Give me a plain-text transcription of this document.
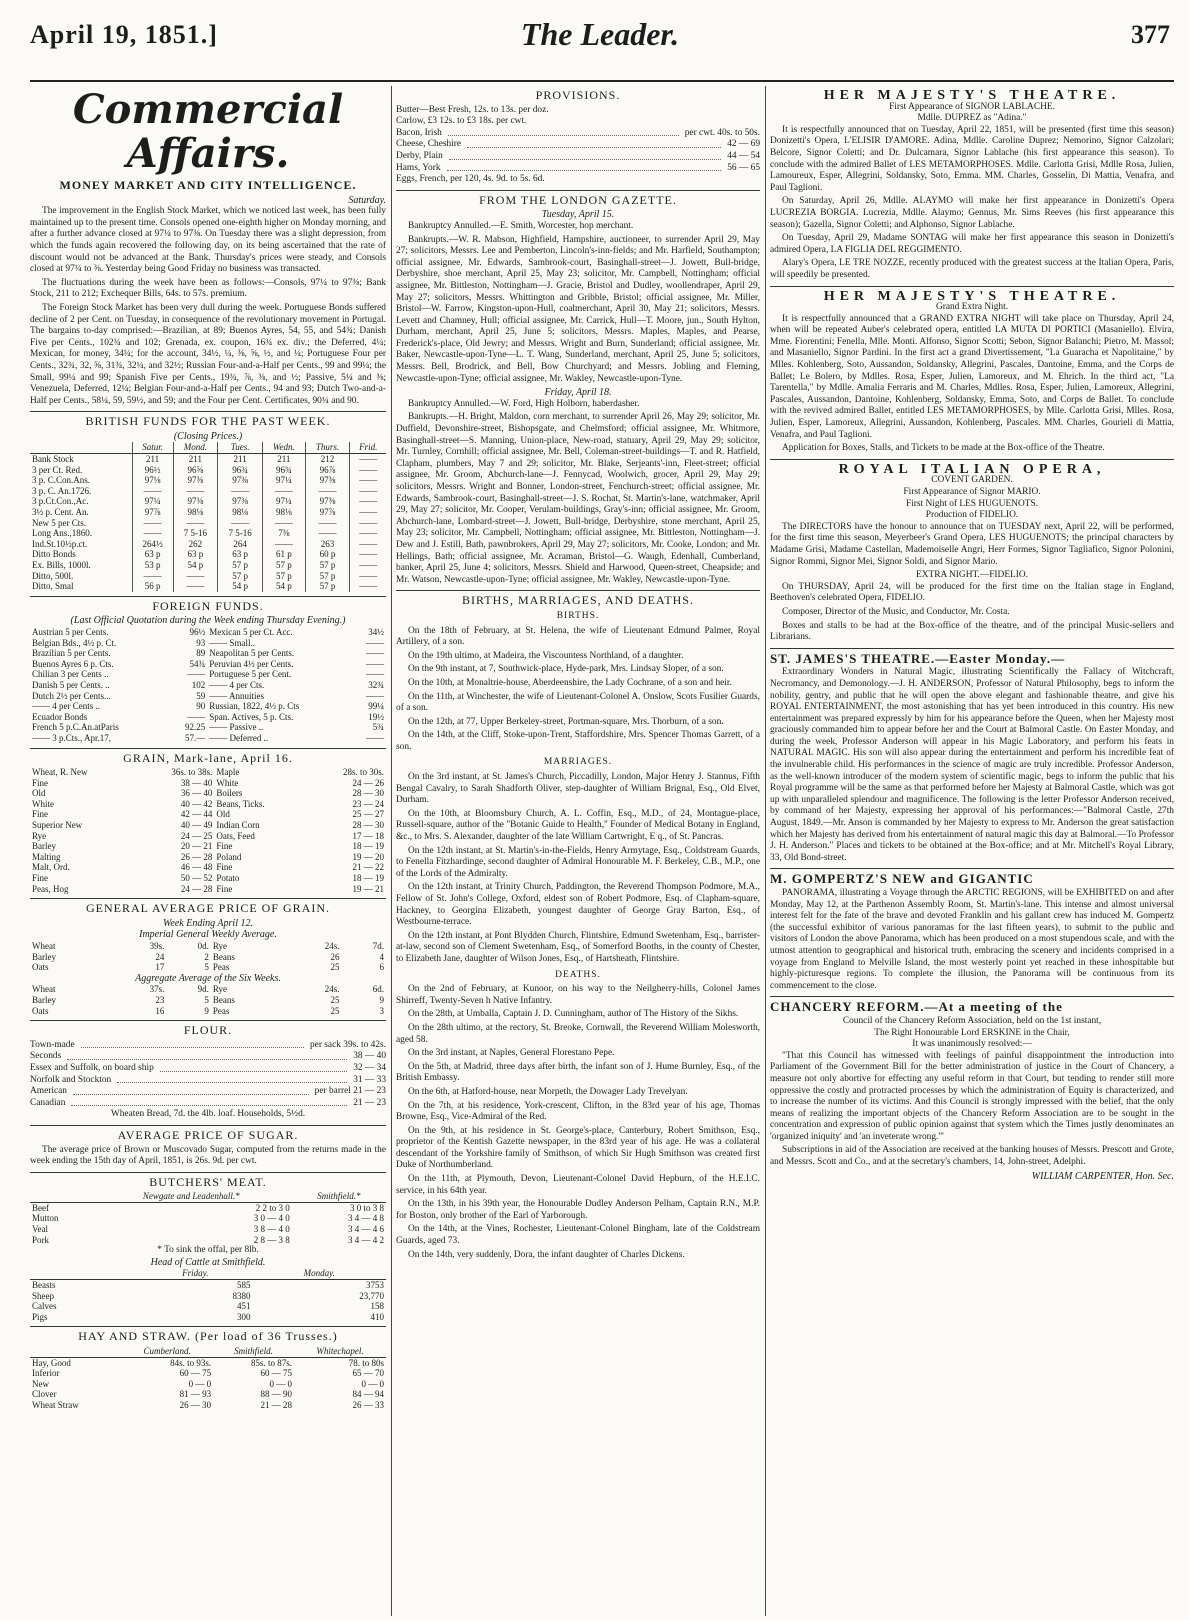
April 19, 1851.]	The Leader.	377
Commercial Affairs.
MONEY MARKET AND CITY INTELLIGENCE.
Saturday.

The improvement in the English Stock Market, which we noticed last week, has been fully maintained up to the present time. Consols opened one-eighth higher on Monday morning, and after a further advance closed at 97¼ to 97⅜. On Tuesday there was a slight depression, from which the funds again recovered the following day, on its being ascertained that the rate of discount would not be advanced at the Bank. Thursday's prices were steady, and Consols closed at 97¼ to ⅜. Yesterday being Good Friday no business was transacted.

The fluctuations during the week have been as follows:—Consols, 97¼ to 97⅜; Bank Stock, 211 to 212; Exchequer Bills, 64s. to 57s. premium.

The Foreign Stock Market has been very dull during the week. Portuguese Bonds suffered decline of 2 per Cent. on Tuesday, in consequence of the revolutionary movement in Portugal. The bargains to-day comprised:—Brazilian, at 89; Buenos Ayres, 54, 55, and 54¾; Danish Five per Cents., 102¾ and 102; Grenada, ex. coupon, 16¾ ex. div.; the Deferred, 4¼; Mexican, for money, 34¼; for the account, 34½, ¼, ⅜, ⅝, ½, and ¼; Portuguese Four per Cents., 32¾, 32, ⅝, 31¾, 32¼, and 32½; Russian Four-and-a-Half per Cents., 99 and 99¼; the Small, 99¼ and 99; Spanish Five per Cents., 19¾, ⅞, ⅜, and ½; Passive, 5¼ and ⅜; Venezuela, Deferred, 12¼; Belgian Four-and-a-Half per Cents., 94 and 93; Dutch Two-and-a-Half per Cents., 58¼, 59, 59½, and 59; and the Four per Cent. Certificates, 90¼ and 90.

BRITISH FUNDS FOR THE PAST WEEK.
(Closing Prices.)
	Satur.	Mond.	Tues.	Wedn.	Thurs.	Frid.
Bank Stock	211	211	211	211	212	——
3 per Ct. Red.	96½	96⅝	96¾	96¾	96⅞	——
3 p. C.Con.Ans.	97⅛	97⅜	97⅜	97¼	97⅜	——
3 p. C. An.1726.	——	——	——	——	——	——
3 p.Ct.Con.,Ac.	97¼	97⅜	97⅜	97¼	97⅜	——
3½ p. Cent. An.	97⅞	98⅛	98⅛	98⅛	97⅞	——
New 5 per Cts.	——	——	——	——	——	——
Long Ans.,1860.	——	7 5-16	7 5-16	7⅜	——	——
Ind.St.10½p.ct.	264½	262	264	——	263	——
Ditto Bonds	63 p	63 p	63 p	61 p	60 p	——
Ex. Bills, 1000l.	53 p	54 p	57 p	57 p	57 p	——
Ditto, 500l.	——	——	57 p	57 p	57 p	——
Ditto, Smal	56 p	——	54 p	54 p	57 p	——
FOREIGN FUNDS.
(Last Official Quotation during the Week ending Thursday Evening.)
Austrian 5 per Cents.	96½	Mexican 5 per Ct. Acc.	34½
Belgian Bds., 4½ p. Ct.	93	—— Small..	——
Brazilian 5 per Cents.	89	Neapolitan 5 per Cents.	——
Buenos Ayres 6 p. Cts.	54¾	Peruvian 4½ per Cents.	——
Chilian 3 per Cents ..	——	Portuguese 5 per Cent.	——
Danish 5 per Cents. ..	102	—— 4 per Cts.	32¾
Dutch 2½ per Cents...	59	—— Annuities	——
—— 4 per Cents ..	90	Russian, 1822, 4½ p. Cts	99¼
Ecuador Bonds	——	Span. Actives, 5 p. Cts.	19½
French 5 p.C.An.atParis	92.25	—— Passive ..	5¾
—— 3 p.Cts., Apr.17,	57.—	—— Deferred ..	——
GRAIN, Mark-lane, April 16.
Wheat, R. New	36s. to 38s.	Maple	28s. to 30s.
Fine	38 — 40	White	24 — 26
Old	36 — 40	Boilers	28 — 30
White	40 — 42	Beans, Ticks.	23 — 24
Fine	42 — 44	Old	25 — 27
Superior New	40 — 49	Indian Corn	28 — 30
Rye	24 — 25	Oats, Feed	17 — 18
Barley	20 — 21	Fine	18 — 19
Malting	26 — 28	Poland	19 — 20
Malt, Ord.	46 — 48	Fine	21 — 22
Fine	50 — 52	Potato	18 — 19
Peas, Hog	24 — 28	Fine	19 — 21
GENERAL AVERAGE PRICE OF GRAIN.
Week Ending April 12.
Imperial General Weekly Average.
Wheat	39s.	0d.	Rye	24s.	7d.
Barley	24	2	Beans	26	4
Oats	17	5	Peas	25	6
Aggregate Average of the Six Weeks.
Wheat	37s.	9d.	Rye	24s.	6d.
Barley	23	5	Beans	25	9
Oats	16	9	Peas	25	3
FLOUR.
Town-made	per sack 39s. to 42s.
Seconds	38 — 40
Essex and Suffolk, on board ship	32 — 34
Norfolk and Stockton	31 — 33
American	per barrel 21 — 23
Canadian	21 — 23
Wheaten Bread, 7d. the 4lb. loaf. Households, 5½d.
AVERAGE PRICE OF SUGAR.

The average price of Brown or Muscovado Sugar, computed from the returns made in the week ending the 15th day of April, 1851, is 26s. 9d. per cwt.

BUTCHERS' MEAT.
	Newgate and Leadenhall.*	Smithfield.*
Beef	2 2 to 3 0	3 0 to 3 8
Mutton	3 0 — 4 0	3 4 — 4 8
Veal	3 8 — 4 0	3 4 — 4 6
Pork	2 8 — 3 8	3 4 — 4 2
* To sink the offal, per 8lb.
Head of Cattle at Smithfield.
	Friday.	Monday.
Beasts	585	3753
Sheep	8380	23,770
Calves	451	158
Pigs	300	410
HAY AND STRAW. (Per load of 36 Trusses.)
	Cumberland.	Smithfield.	Whitechapel.
Hay, Good	84s. to 93s.	85s. to 87s.	78. to 80s
Inferior	60 — 75	60 — 75	65 — 70
New	0 — 0	0 — 0	0 — 0
Clover	81 — 93	88 — 90	84 — 94
Wheat Straw	26 — 30	21 — 28	26 — 33
PROVISIONS.
Butter—Best Fresh, 12s. to 13s. per doz.
Carlow, £3 12s. to £3 18s. per cwt.
Bacon, Irish	per cwt. 40s. to 50s.
Cheese, Cheshire	42 — 69
Derby, Plain	44 — 54
Hams, York	56 — 65
Eggs, French, per 120, 4s. 9d. to 5s. 6d.
FROM THE LONDON GAZETTE.
Tuesday, April 15.

Bankruptcy Annulled.—E. Smith, Worcester, hop merchant.

Bankrupts.—W. R. Mabson, Highfield, Hampshire, auctioneer, to surrender April 29, May 27; solicitors, Messrs. Lee and Pemberton, Lincoln's-inn-fields; and Mr. Harfield, Southampton; official assignee, Mr. Edwards, Sambrook-court, Basinghall-street—J. Jowett, Bull-bridge, Derbyshire, shoe merchant, April 25, May 23; solicitor, Mr. Campbell, Nottingham; official assignee, Mr. Bittleston, Nottingham—J. Gracie, Bristol and Dudley, woollendraper, April 29, May 27; solicitors, Messrs. Whittington and Gribble, Bristol; official assignee, Mr. Miller, Bristol—W. Farrow, Kingston-upon-Hull, coalmerchant, April 30, May 21; solicitors, Messrs. Levett and Chamney, Hull; official assignee, Mr. Carrick, Hull—T. Moore, jun., South Hylton, Durham, merchant, April 25, June 5; solicitors, Messrs. Maples, Maples, and Pearse, Frederick's-place, Old Jewry; and Messrs. Wright and Burn, Sunderland; official assignee, Mr. Baker, Newcastle-upon-Tyne—L. T. Wang, Sunderland, merchant, April 25, June 5; solicitors, Messrs. Bell, Brodrick, and Bell, Bow Churchyard; and Messrs. Jobling and Fleming, Newcastle-upon-Tyne; official assignee, Mr. Wakley, Newcastle-upon-Tyne.

Friday, April 18.

Bankruptcy Annulled.—W. Ford, High Holborn, haberdasher.

Bankrupts.—H. Bright, Maldon, corn merchant, to surrender April 26, May 29; solicitor, Mr. Duffield, Devonshire-street, Bishopsgate, and Chelmsford; official assignee, Mr. Whitmore, Basinghall-street—S. Manning, Union-place, New-road, statuary, April 29, May 29; solicitor, Mr. Turnley, Cornhill; official assignee, Mr. Bell, Coleman-street-buildings—T. and R. Hatfield, Clapham, plumbers, May 7 and 29; solicitor, Mr. Blake, Serjeants'-inn, Fleet-street; official assignee, Mr. Groom, Abchurch-lane—J. Fennycad, Woolwich, grocer, April 29, May 29; solicitors, Messrs. Wright and Bonner, London-street, Fenchurch-street; official assignee, Mr. Edwards, Sambrook-court, Basinghall-street—J. S. Rochat, St. Martin's-lane, watchmaker, April 29, May 27; solicitor, Mr. Cooper, Verulam-buildings, Gray's-inn; official assignee, Mr. Groom, Abchurch-lane, Lombard-street—J. Jowett, Bull-bridge, Derbyshire, stone merchant, April 25, May 23; solicitor, Mr. Campbell, Nottingham; official assignee, Mr. Bittleston, Nottingham—J. Dew and J. Estill, Bath, pawnbrokers, April 29, May 27; solicitors, Mr. Cooke, London; and Mr. Hellings, Bath; official assignee, Mr. Acraman, Bristol—G. Waugh, Edenhall, Cumberland, banker, April 25, June 4; solicitors, Messrs. Shield and Harwood, Queen-street, Cheapside; and Mr. Watson, Newcastle-upon-Tyne; official assignee, Mr. Wakley, Newcastle-upon-Tyne.

BIRTHS, MARRIAGES, AND DEATHS.
BIRTHS.

On the 18th of February, at St. Helena, the wife of Lieutenant Edmund Palmer, Royal Artillery, of a son.

On the 19th ultimo, at Madeira, the Viscountess Northland, of a daughter.

On the 9th instant, at 7, Southwick-place, Hyde-park, Mrs. Lindsay Sloper, of a son.

On the 10th, at Monaltrie-house, Aberdeenshire, the Lady Cochrane, of a son and heir.

On the 11th, at Winchester, the wife of Lieutenant-Colonel A. Onslow, Scots Fusilier Guards, of a son.

On the 12th, at 77, Upper Berkeley-street, Portman-square, Mrs. Thorburn, of a son.

On the 14th, at the Cliff, Stoke-upon-Trent, Staffordshire, Mrs. Spencer Thomas Garrett, of a son.

MARRIAGES.

On the 3rd instant, at St. James's Church, Piccadilly, London, Major Henry J. Stannus, Fifth Bengal Cavalry, to Sarah Shadforth Oliver, step-daughter of William Brignal, Esq., Old Elvet, Durham.

On the 10th, at Bloomsbury Church, A. L. Coffin, Esq., M.D., of 24, Montague-place, Russell-square, author of the "Botanic Guide to Health," Founder of Medical Botany in England, &c., to Mrs. S. Alexander, daughter of the late William Cartwright, E q., of St. Pancras.

On the 12th instant, at St. Martin's-in-the-Fields, Henry Armytage, Esq., Coldstream Guards, to Fenella Fitzhardinge, second daughter of Admiral Honourable M. F. Berkeley, C.B., M.P., one of the Lords of the Admiralty.

On the 12th instant, at Trinity Church, Paddington, the Reverend Thompson Podmore, M.A., Fellow of St. John's College, Oxford, eldest son of Robert Podmore, Esq. of Clapham-square, Hackney, to Georgina Elizabeth, youngest daughter of George Gray Barton, Esq., of Westbourne-terrace.

On the 12th instant, at Pont Blydden Church, Flintshire, Edmund Swetenham, Esq., barrister-at-law, second son of Clement Swetenham, Esq., of Somerford Booths, in the county of Chester, to Elizabeth Jane, daughter of Wilson Jones, Esq., of Hartsheath, Flintshire.

DEATHS.

On the 2nd of February, at Kunoor, on his way to the Neilgherry-hills, Colonel James Shirreff, Twenty-Seven h Native Infantry.

On the 28th, at Umballa, Captain J. D. Cunningham, author of The History of the Sikhs.

On the 28th ultimo, at the rectory, St. Breoke, Cornwall, the Reverend William Molesworth, aged 58.

On the 3rd instant, at Naples, General Florestano Pepe.

On the 5th, at Madrid, three days after birth, the infant son of J. Hume Burnley, Esq., of the British Embassy.

On the 6th, at Hatford-house, near Morpeth, the Dowager Lady Trevelyan.

On the 7th, at his residence, York-crescent, Clifton, in the 83rd year of his age, Thomas Browne, Esq., Vice-Admiral of the Red.

On the 9th, at his residence in St. George's-place, Canterbury, Robert Smithson, Esq., proprietor of the Kentish Gazette newspaper, in the 83rd year of his age. He was a collateral descendant of the Yorkshire family of Smithson, of which Sir Hugh Smithson was created first Duke of Northumberland.

On the 11th, at Plymouth, Devon, Lieutenant-Colonel David Hepburn, of the H.E.I.C. service, in his 64th year.

On the 13th, in his 39th year, the Honourable Dudley Anderson Pelham, Captain R.N., M.P. for Boston, only brother of the Earl of Yarborough.

On the 14th, at the Vines, Rochester, Lieutenant-Colonel Bingham, late of the Coldstream Guards, aged 73.

On the 14th, very suddenly, Dora, the infant daughter of Charles Dickens.

HER MAJESTY'S THEATRE.
First Appearance of SIGNOR LABLACHE.
Mdlle. DUPREZ as "Adina."

It is respectfully announced that on Tuesday, April 22, 1851, will be presented (first time this season) Donizetti's Opera, L'ELISIR D'AMORE. Adina, Mdlle. Caroline Duprez; Nemorino, Signor Calzolari; Belcore, Signor Coletti; and Dr. Dulcamara, Signor Lablache (his first appearance this season). To conclude with the admired Ballet of LES METAMORPHOSES. Mdlle. Carlotta Grisi, Mdlle Rosa, Julien, Lamoureux, Esper, Allegrini, Soldansky, Soto, Emma. MM. Charles, Gosselin, Di Mattia, Venafra, and Paul Taglioni.

On Saturday, April 26, Mdlle. ALAYMO will make her first appearance in Donizetti's Opera LUCREZIA BORGIA. Lucrezia, Mdlle. Alaymo; Gennus, Mr. Sims Reeves (his first appearance this season); Gazella, Signor Coletti; and Alphonso, Signor Lablache.

On Tuesday, April 29, Madame SONTAG will make her first appearance this season in Donizetti's admired Opera, LA FIGLIA DEL REGGIMENTO.

Alary's Opera, LE TRE NOZZE, recently produced with the greatest success at the Italian Opera, Paris, will speedily be presented.

HER MAJESTY'S THEATRE.
Grand Extra Night.

It is respectfully announced that a GRAND EXTRA NIGHT will take place on Thursday, April 24, when will be repeated Auber's celebrated opera, entitled LA MUTA DI PORTICI (Masaniello). Elvira, Mme. Fiorentini; Fenella, Mlle. Monti. Alfonso, Signor Scotti; Sebon, Signor Balanchi; Pietro, M. Massol; and Masaniello, Signor Pardini. In the first act a grand Divertissement, "La Guaracha et Napolitaine," by Mlles. Kohlenberg, Soto, Aussandon, Soldansky, Allegrini, Pascales, Dantoine, Emma, and the Corps de Ballet; Le Bolero, by Mdlles. Rosa, Esper, Julien, Lamoreux, and M. Ehrich. In the third act, "La Tarentella," by Mdlle. Amalia Ferraris and M. Charles, Mdlles. Rosa, Esper, Julien, Lamoreux, Allegrini, Pascales, Aussandon, Dantoine, Kohlenberg, Soldansky, Emma, Soto, and Corps de Ballet. To conclude with the revived admired Ballet, entitled LES METAMORPHOSES, by Mlle. Carlotta Grisi, Mlles. Rosa, Julien, Esper, Lamoreux, Allegrini, Aussandon, Kohlenberg, Pascales. MM. Charles, Gourieli di Mattia, Venafra, and Paul Taglioni.

Application for Boxes, Stalls, and Tickets to be made at the Box-office of the Theatre.

ROYAL ITALIAN OPERA,
COVENT GARDEN.
First Appearance of Signor MARIO.
First Night of LES HUGUENOTS.
Production of FIDELIO.

The DIRECTORS have the honour to announce that on TUESDAY next, April 22, will be performed, for the first time this season, Meyerbeer's Grand Opera, LES HUGUENOTS; the principal characters by Madame Grisi, Madame Castellan, Mademoiselle Angri, Herr Formes, Signor Tagliafico, Signor Polonini, Signor Rommi, Signor Mei, Signor Soldi, and Signor Mario.

EXTRA NIGHT.—FIDELIO.

On THURSDAY, April 24, will be produced for the first time on the Italian stage in England, Beethoven's celebrated Opera, FIDELIO.

Composer, Director of the Music, and Conductor, Mr. Costa.

Boxes and stalls to be had at the Box-office of the theatre, and of the principal Music-sellers and Librarians.

ST. JAMES'S THEATRE.—Easter Monday.—

Extraordinary Wonders in Natural Magic, illustrating Scientifically the Fallacy of Witchcraft, Necromancy, and Demonology.—J. H. ANDERSON, Professor of Natural Philosophy, begs to inform the nobility, gentry, and public that he will open the above elegant and fashionable theatre, and give his ROYAL ENTERTAINMENT, the most astonishing that has yet been introduced in this country. His new entertainment was prepared expressly by him for his appearance before the Queen, when her Majesty most graciously commanded him to appear before her and the Court at Balmoral Castle. On Easter Monday, and during the week, Professor Anderson will appear in his Magic Laboratory, and perform his feats in NATURAL MAGIC. His son will also appear during the entertainment and perform his incredible feat of the invulnerable child. His performances in the science of magic are truly incredible. Professor Anderson, as the well-known introducer of the modern system of scientific magic, begs to inform the public that his Royal programme will be the same as that performed before her Majesty at Balmoral Castle, which was got up with unparalleled splendour and magnificence. The following is the letter Professor Anderson received, by command of her Majesty, expressing her approval of his performances:—"Balmoral Castle, 27th August, 1849.—Mr. Anson is commanded by her Majesty to express to Mr. Anderson the great satisfaction which her Majesty has derived from his entertainment of natural magic this day at Balmoral.—To Professor J. H. Anderson." Places and tickets to be obtained at the Box-office; and at Mr. Mitchell's Royal Library, 33, Old Bond-street.

M. GOMPERTZ'S NEW and GIGANTIC

PANORAMA, illustrating a Voyage through the ARCTIC REGIONS, will be EXHIBITED on and after Monday, May 12, at the Parthenon Assembly Room, St. Martin's-lane. This intense and almost universal interest felt for the fate of the brave and devoted Franklin and his gallant crew has induced M. Gompertz (the successful exhibitor of various panoramas for the last fifteen years), to submit to the public and visitors of London the above Panorama, which has been produced on a most stupendous scale, and with the utmost attention to geographical and historical truth, embracing the scenery and incidents comprised in a voyage from England to Melville Island, the most westerly point yet reached in these inhospitable but highly-picturesque regions. To complete the illusion, the Panorama will be continuous from its commencement to the close.

CHANCERY REFORM.—At a meeting of the
Council of the Chancery Reform Association, held on the 1st instant,
The Right Honourable Lord ERSKINE in the Chair,
It was unanimously resolved:—

"That this Council has witnessed with feelings of painful disappointment the introduction into Parliament of the Government Bill for the better administration of justice in the Court of Chancery, a measure not only abortive for effecting any useful reform in that Court, but tending to render still more oppressive the costly and protracted processes by which the administration of Equity is characterized, and to increase the number of its victims. And this Council is strongly impressed with the belief, that the only means of realizing the important objects of the Chancery Reform Association are to be sought in the concentration and expression of public opinion against that system which the Times justly denominates an 'organized iniquity' and 'an inveterate wrong.'"

Subscriptions in aid of the Association are received at the banking houses of Messrs. Prescott and Grote, and Messrs. Scott and Co., and at the secretary's chambers, 14, John-street, Adelphi.

WILLIAM CARPENTER, Hon. Sec.
